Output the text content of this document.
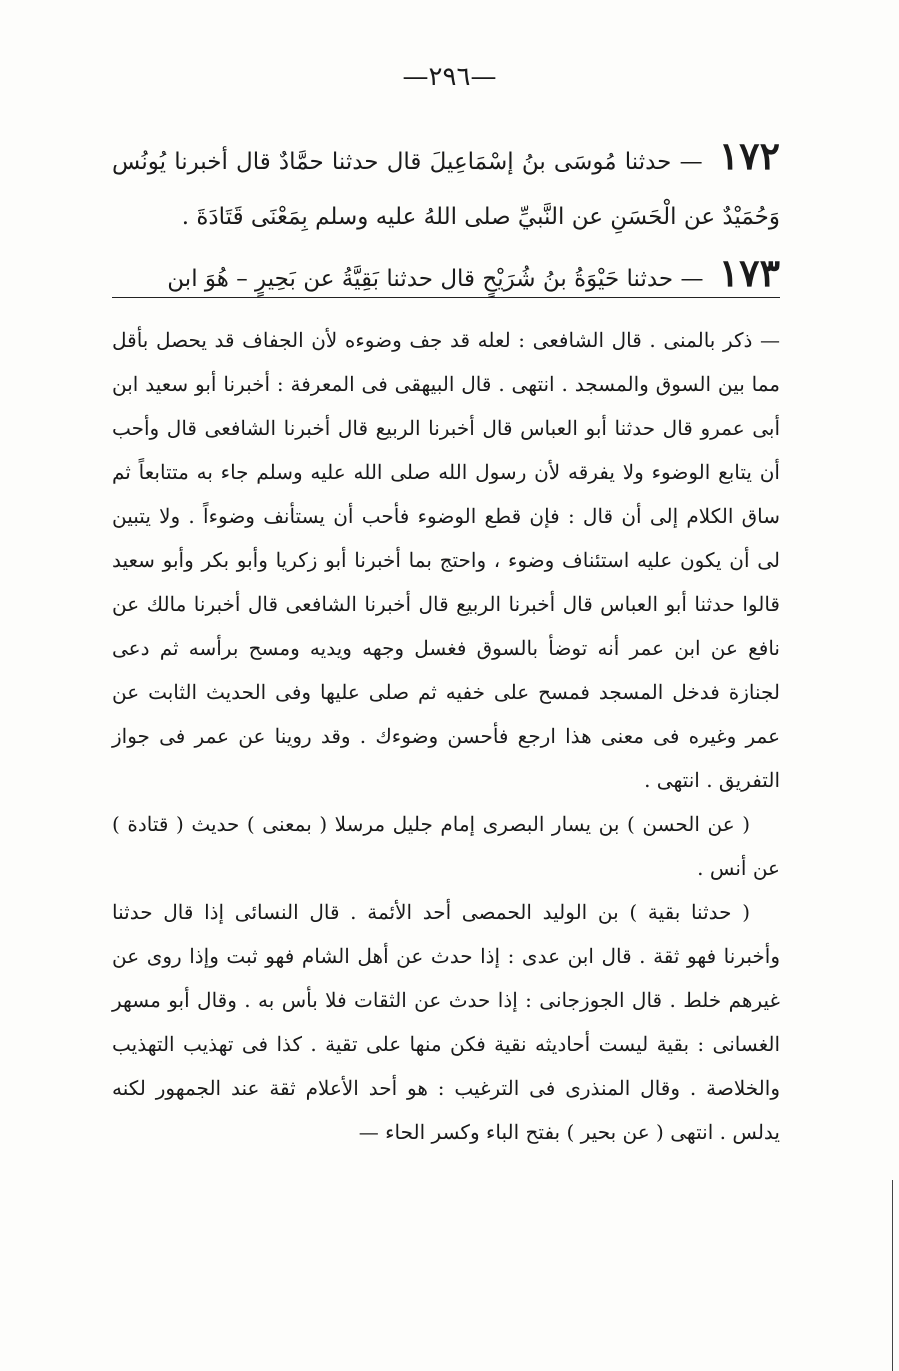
—٢٩٦—

١٧٢ — حدثنا مُوسَى بنُ إسْمَاعِيلَ قال حدثنا حمَّادٌ قال أخبرنا يُونُس وَحُمَيْدٌ عن الْحَسَنِ عن النَّبيِّ صلى اللهُ عليه وسلم بِمَعْنَى قَتَادَةَ .

١٧٣ — حدثنا حَيْوَةُ بنُ شُرَيْحٍ قال حدثنا بَقِيَّةُ عن بَحِيرٍ – هُوَ ابن

— ذكر بالمنى . قال الشافعى : لعله قد جف وضوءه لأن الجفاف قد يحصل بأقل مما بين السوق والمسجد . انتهى . قال البيهقى فى المعرفة : أخبرنا أبو سعيد ابن أبى عمرو قال حدثنا أبو العباس قال أخبرنا الربيع قال أخبرنا الشافعى قال وأحب أن يتابع الوضوء ولا يفرقه لأن رسول الله صلى الله عليه وسلم جاء به متتابعاً ثم ساق الكلام إلى أن قال : فإن قطع الوضوء فأحب أن يستأنف وضوءاً . ولا يتبين لى أن يكون عليه استئناف وضوء ، واحتج بما أخبرنا أبو زكريا وأبو بكر وأبو سعيد قالوا حدثنا أبو العباس قال أخبرنا الربيع قال أخبرنا الشافعى قال أخبرنا مالك عن نافع عن ابن عمر أنه توضأ بالسوق فغسل وجهه ويديه ومسح برأسه ثم دعى لجنازة فدخل المسجد فمسح على خفيه ثم صلى عليها وفى الحديث الثابت عن عمر وغيره فى معنى هذا ارجع فأحسن وضوءك . وقد روينا عن عمر فى جواز التفريق . انتهى .

( عن الحسن ) بن يسار البصرى إمام جليل مرسلا ( بمعنى ) حديث ( قتادة ) عن أنس .

( حدثنا بقية ) بن الوليد الحمصى أحد الأئمة . قال النسائى إذا قال حدثنا وأخبرنا فهو ثقة . قال ابن عدى : إذا حدث عن أهل الشام فهو ثبت وإذا روى عن غيرهم خلط . قال الجوزجانى : إذا حدث عن الثقات فلا بأس به . وقال أبو مسهر الغسانى : بقية ليست أحاديثه نقية فكن منها على تقية . كذا فى تهذيب التهذيب والخلاصة . وقال المنذرى فى الترغيب : هو أحد الأعلام ثقة عند الجمهور لكنه يدلس . انتهى ( عن بحير ) بفتح الباء وكسر الحاء —
